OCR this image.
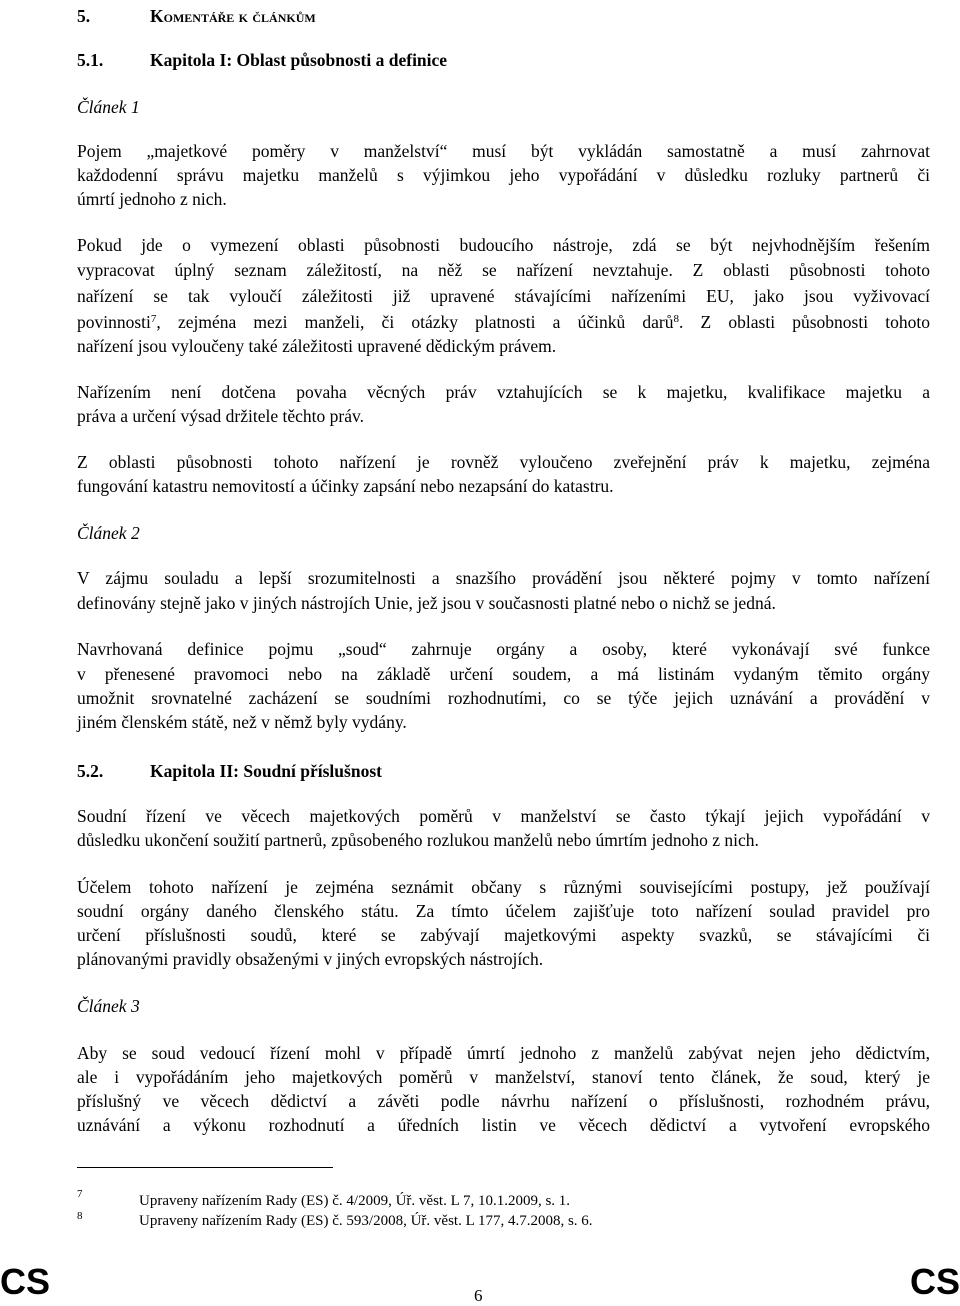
5.	Komentáře k článkům
5.1.	Kapitola I: Oblast působnosti a definice
Článek 1
Pojem „majetkové poměry v manželství“ musí být vykládán samostatně a musí zahrnovat
každodenní správu majetku manželů s výjimkou jeho vypořádání v důsledku rozluky partnerů či
úmrtí jednoho z nich.
Pokud jde o vymezení oblasti působnosti budoucího nástroje, zdá se být nejvhodnějším řešením
vypracovat úplný seznam záležitostí, na něž se nařízení nevztahuje. Z oblasti působnosti tohoto
nařízení se tak vyloučí záležitosti již upravené stávajícími nařízeními EU, jako jsou vyživovací
povinnosti$^7$, zejména mezi manželi, či otázky platnosti a účinků darů$^8$. Z oblasti působnosti tohoto
nařízení jsou vyloučeny také záležitosti upravené dědickým právem.
Nařízením není dotčena povaha věcných práv vztahujících se k majetku, kvalifikace majetku a
práva a určení výsad držitele těchto práv.
Z oblasti působnosti tohoto nařízení je rovněž vyloučeno zveřejnění práv k majetku, zejména
fungování katastru nemovitostí a účinky zapsání nebo nezapsání do katastru.
Článek 2
V zájmu souladu a lepší srozumitelnosti a snazšího provádění jsou některé pojmy v tomto nařízení
definovány stejně jako v jiných nástrojích Unie, jež jsou v současnosti platné nebo o nichž se jedná.
Navrhovaná definice pojmu „soud“ zahrnuje orgány a osoby, které vykonávají své funkce
v přenesené pravomoci nebo na základě určení soudem, a má listinám vydaným těmito orgány
umožnit srovnatelné zacházení se soudními rozhodnutími, co se týče jejich uznávání a provádění v
jiném členském státě, než v němž byly vydány.
5.2.	Kapitola II: Soudní příslušnost
Soudní řízení ve věcech majetkových poměrů v manželství se často týkají jejich vypořádání v
důsledku ukončení soužití partnerů, způsobeného rozlukou manželů nebo úmrtím jednoho z nich.
Účelem tohoto nařízení je zejména seznámit občany s různými souvisejícími postupy, jež používají
soudní orgány daného členského státu. Za tímto účelem zajišťuje toto nařízení soulad pravidel pro
určení příslušnosti soudů, které se zabývají majetkovými aspekty svazků, se stávajícími či
plánovanými pravidly obsaženými v jiných evropských nástrojích.
Článek 3
Aby se soud vedoucí řízení mohl v případě úmrtí jednoho z manželů zabývat nejen jeho dědictvím,
ale i vypořádáním jeho majetkových poměrů v manželství, stanoví tento článek, že soud, který je
příslušný ve věcech dědictví a závěti podle návrhu nařízení o příslušnosti, rozhodném právu,
uznávání a výkonu rozhodnutí a úředních listin ve věcech dědictví a vytvoření evropského
7	Upraveny nařízením Rady (ES) č. 4/2009, Úř. věst. L 7, 10.1.2009, s. 1.
8	Upraveny nařízením Rady (ES) č. 593/2008, Úř. věst. L 177, 4.7.2008, s. 6.
CS	6	CS
